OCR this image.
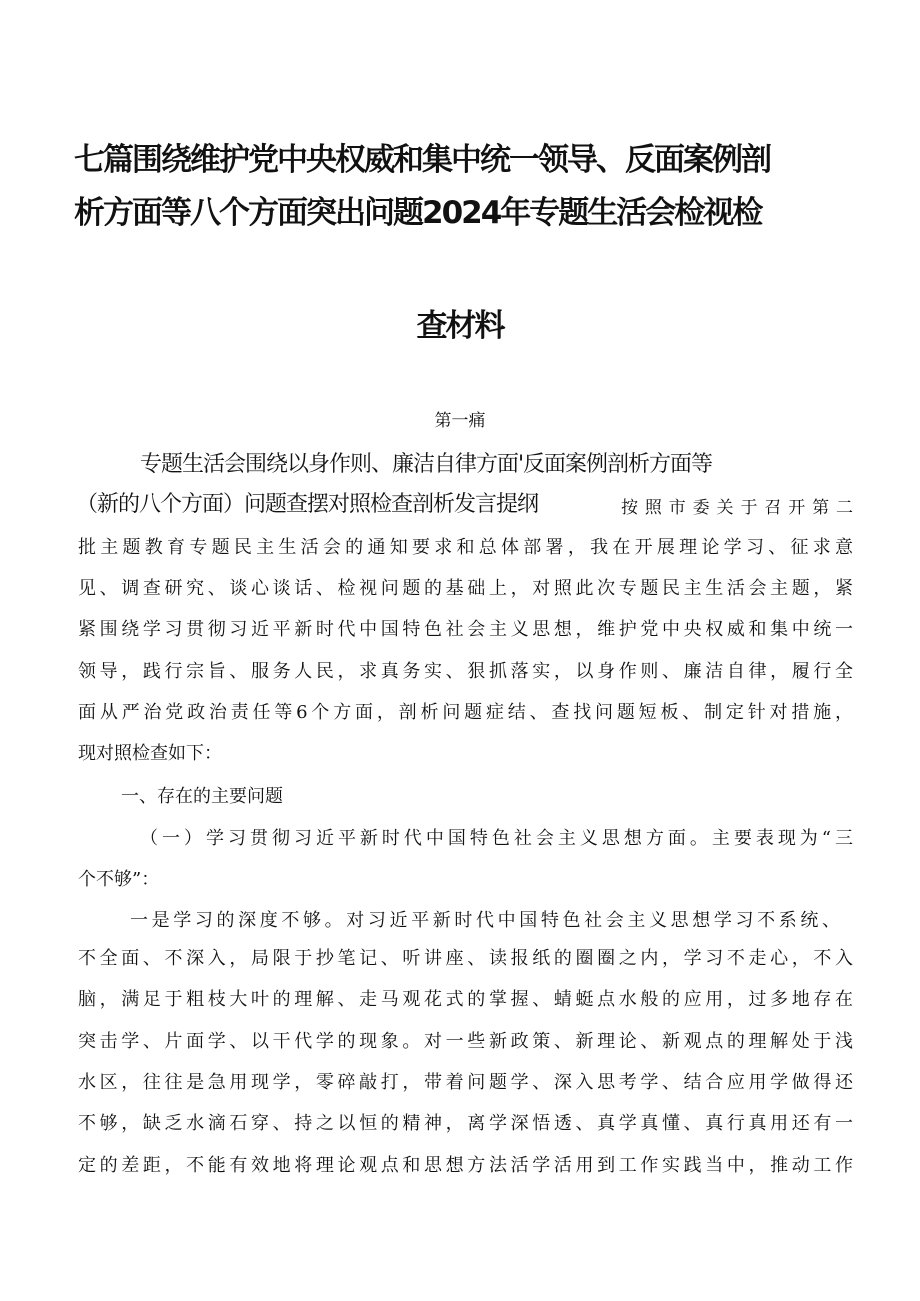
七篇围绕维护党中央权威和集中统一领导、反面案例剖
析方面等八个方面突出问题2024年专题生活会检视检
查材料
第一痛
专题生活会围绕以身作则、廉洁自律方面'反面案例剖析方面等
（新的八个方面）问题查摆对照检查剖析发言提纲	按照市委关于召开第二
批主题教育专题民主生活会的通知要求和总体部署，我在开展理论学习、征求意
见、调查研究、谈心谈话、检视问题的基础上，对照此次专题民主生活会主题，紧
紧围绕学习贯彻习近平新时代中国特色社会主义思想，维护党中央权威和集中统一
领导，践行宗旨、服务人民，求真务实、狠抓落实，以身作则、廉洁自律，履行全
面从严治党政治责任等6个方面，剖析问题症结、查找问题短板、制定针对措施，
现对照检查如下：
一、存在的主要问题
（一）学习贯彻习近平新时代中国特色社会主义思想方面。主要表现为“三
个不够”：
一是学习的深度不够。对习近平新时代中国特色社会主义思想学习不系统、
不全面、不深入，局限于抄笔记、听讲座、读报纸的圈圈之内，学习不走心，不入
脑，满足于粗枝大叶的理解、走马观花式的掌握、蜻蜓点水般的应用，过多地存在
突击学、片面学、以干代学的现象。对一些新政策、新理论、新观点的理解处于浅
水区，往往是急用现学，零碎敲打，带着问题学、深入思考学、结合应用学做得还
不够，缺乏水滴石穿、持之以恒的精神，离学深悟透、真学真懂、真行真用还有一
定的差距，不能有效地将理论观点和思想方法活学活用到工作实践当中，推动工作
